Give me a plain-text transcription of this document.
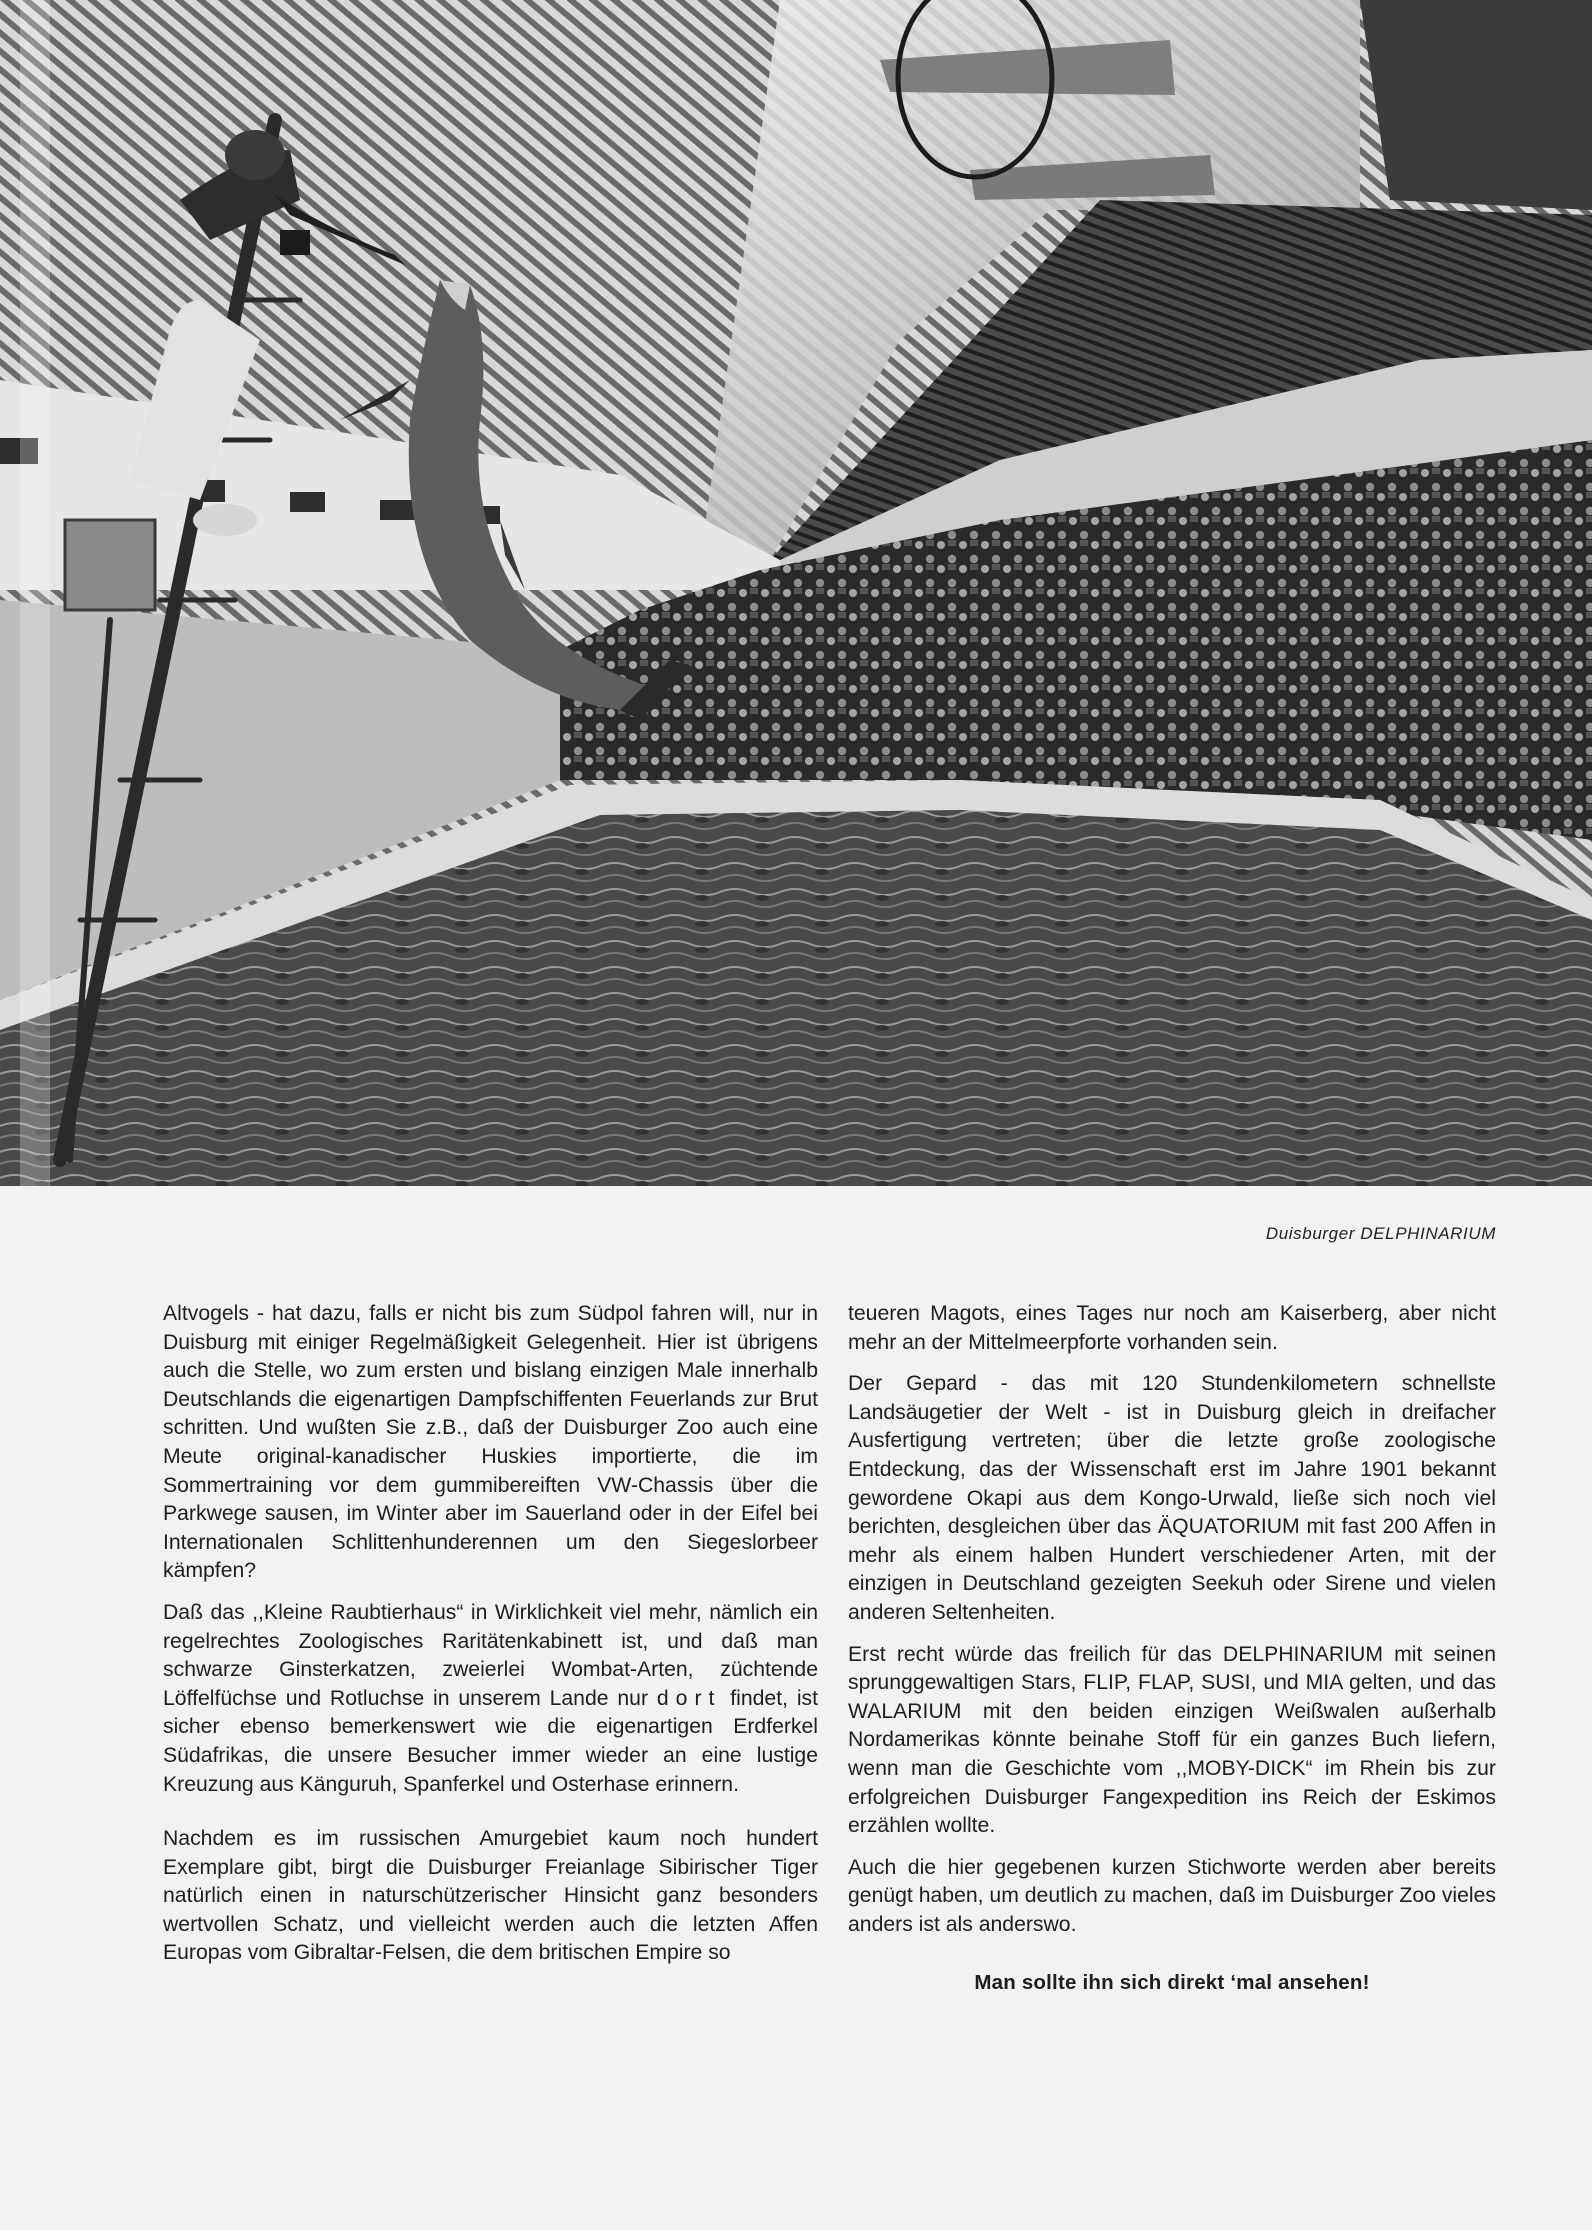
Duisburger DELPHINARIUM

Altvogels - hat dazu, falls er nicht bis zum Südpol fahren will, nur in Duisburg mit einiger Regelmäßigkeit Gelegenheit. Hier ist übrigens auch die Stelle, wo zum ersten und bislang einzigen Male innerhalb Deutschlands die eigenartigen Dampfschiffenten Feuerlands zur Brut schritten. Und wußten Sie z.B., daß der Duisburger Zoo auch eine Meute original-kanadischer Huskies importierte, die im Sommertraining vor dem gummibereiften VW-Chassis über die Parkwege sausen, im Winter aber im Sauerland oder in der Eifel bei Internationalen Schlittenhunderennen um den Siegeslorbeer kämpfen?

Daß das ,,Kleine Raubtierhaus“ in Wirklichkeit viel mehr, nämlich ein regelrechtes Zoologisches Raritätenkabinett ist, und daß man schwarze Ginsterkatzen, zweierlei Wombat-Arten, züchtende Löffelfüchse und Rotluchse in unserem Lande nur dort findet, ist sicher ebenso bemerkenswert wie die eigenartigen Erdferkel Südafrikas, die unsere Besucher immer wieder an eine lustige Kreuzung aus Känguruh, Spanferkel und Osterhase erinnern.

Nachdem es im russischen Amurgebiet kaum noch hundert Exemplare gibt, birgt die Duisburger Freianlage Sibirischer Tiger natürlich einen in naturschützerischer Hinsicht ganz besonders wertvollen Schatz, und vielleicht werden auch die letzten Affen Europas vom Gibraltar-Felsen, die dem britischen Empire so

teueren Magots, eines Tages nur noch am Kaiserberg, aber nicht mehr an der Mittelmeerpforte vorhanden sein.

Der Gepard - das mit 120 Stundenkilometern schnellste Landsäugetier der Welt - ist in Duisburg gleich in dreifacher Ausfertigung vertreten; über die letzte große zoologische Entdeckung, das der Wissenschaft erst im Jahre 1901 bekannt gewordene Okapi aus dem Kongo-Urwald, ließe sich noch viel berichten, desgleichen über das ÄQUATORIUM mit fast 200 Affen in mehr als einem halben Hundert verschiedener Arten, mit der einzigen in Deutschland gezeigten Seekuh oder Sirene und vielen anderen Seltenheiten.

Erst recht würde das freilich für das DELPHINARIUM mit seinen sprunggewaltigen Stars, FLIP, FLAP, SUSI, und MIA gelten, und das WALARIUM mit den beiden einzigen Weißwalen außerhalb Nordamerikas könnte beinahe Stoff für ein ganzes Buch liefern, wenn man die Geschichte vom ,,MOBY-DICK“ im Rhein bis zur erfolgreichen Duisburger Fangexpedition ins Reich der Eskimos erzählen wollte.

Auch die hier gegebenen kurzen Stichworte werden aber bereits genügt haben, um deutlich zu machen, daß im Duisburger Zoo vieles anders ist als anderswo.

Man sollte ihn sich direkt ‘mal ansehen!
